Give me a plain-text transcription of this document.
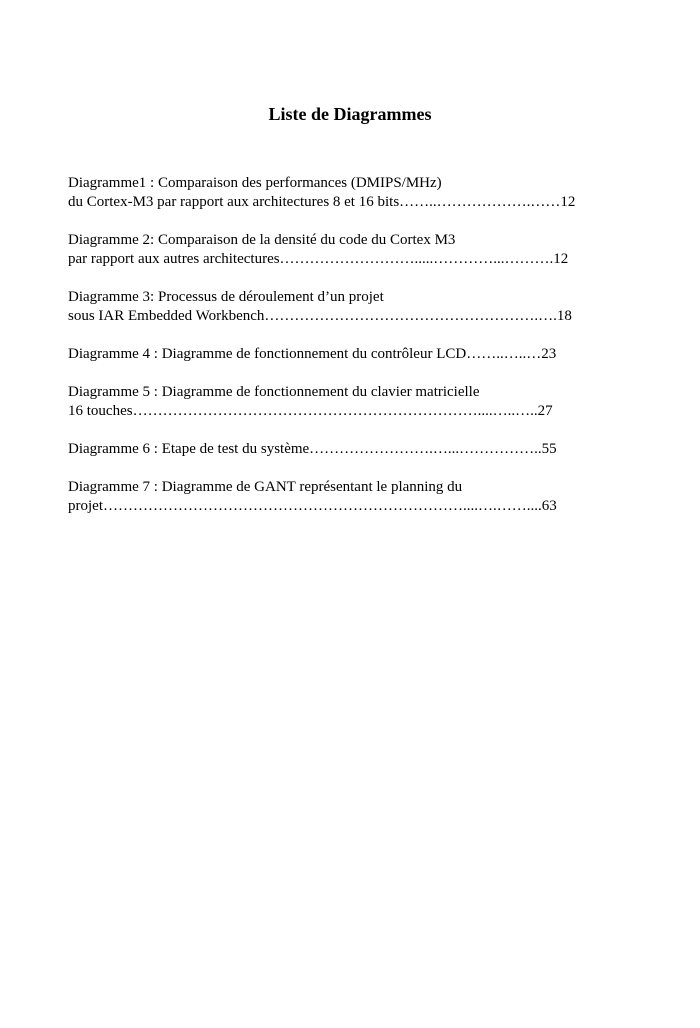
Liste de Diagrammes
Diagramme1 : Comparaison des performances (DMIPS/MHz)
du Cortex-M3 par rapport aux architectures 8 et 16 bits……..……………….……12
Diagramme 2: Comparaison de la densité du code du Cortex M3
par rapport aux autres architectures……………………….....…………...……….12
Diagramme 3: Processus de déroulement d’un projet
sous IAR Embedded Workbench……………………………………………….….18
Diagramme 4 : Diagramme de fonctionnement du contrôleur LCD……..…..…23
Diagramme 5 : Diagramme de fonctionnement du clavier matricielle
16 touches……………………………………………………………....…..…..27
Diagramme 6 : Etape de test du système…………………….…...……………..55
Diagramme 7 : Diagramme de GANT représentant le planning du
projet………………………………………………………………....….……....63
